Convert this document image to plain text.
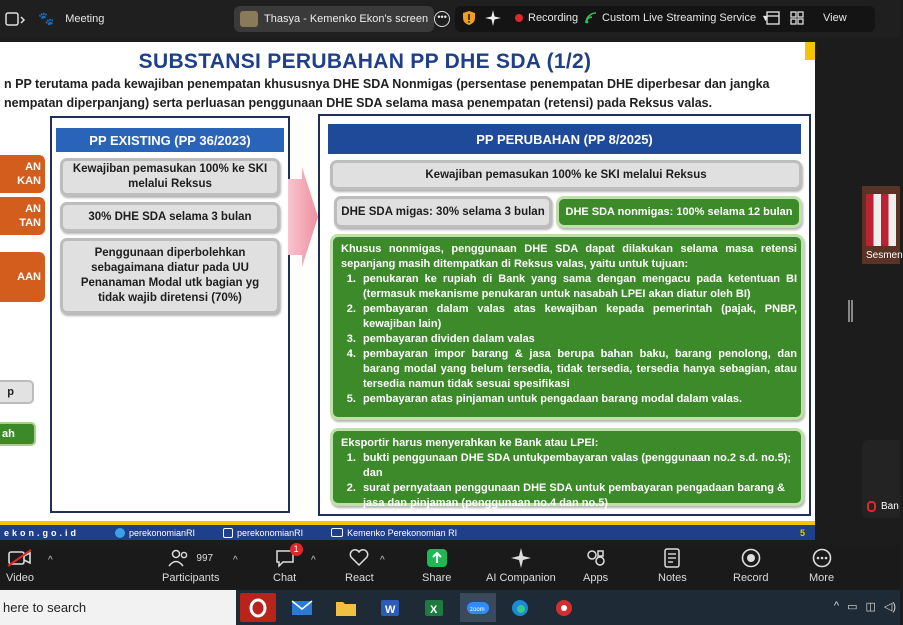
🐾 Meeting	Thasya - Kemenko Ekon's screen	•••	Recording Custom Live Streaming Service ▼	View
SUBSTANSI PERUBAHAN PP DHE SDA (1/2)
n PP terutama pada kewajiban penempatan khususnya DHE SDA Nonmigas (persentase penempatan DHE diperbesar dan jangka
nempatan diperpanjang) serta perluasan penggunaan DHE SDA selama masa penempatan (retensi) pada Reksus valas.
AN
KAN
AN
TAN
AAN
p
ah
PP EXISTING (PP 36/2023)
Kewajiban pemasukan 100% ke SKI melalui Reksus
30% DHE SDA selama 3 bulan
Penggunaan diperbolehkan sebagaimana diatur pada UU Penanaman Modal utk bagian yg tidak wajib diretensi (70%)
PP PERUBAHAN (PP 8/2025)
Kewajiban pemasukan 100% ke SKI melalui Reksus
DHE SDA migas: 30% selama 3 bulan DHE SDA nonmigas: 100% selama 12 bulan
Khusus nonmigas, penggunaan DHE SDA dapat dilakukan selama masa retensi sepanjang masih ditempatkan di Reksus valas, yaitu untuk tujuan:
1. penukaran ke rupiah di Bank yang sama dengan mengacu pada ketentuan BI (termasuk mekanisme penukaran untuk nasabah LPEI akan diatur oleh BI)
2. pembayaran dalam valas atas kewajiban kepada pemerintah (pajak, PNBP, kewajiban lain)
3. pembayaran dividen dalam valas
4. pembayaran impor barang & jasa berupa bahan baku, barang penolong, dan barang modal yang belum tersedia, tidak tersedia, tersedia hanya sebagian, atau tersedia namun tidak sesuai spesifikasi
5. pembayaran atas pinjaman untuk pengadaan barang modal dalam valas.
Eksportir harus menyerahkan ke Bank atau LPEI:
1. bukti penggunaan DHE SDA untukpembayaran valas (penggunaan no.2 s.d. no.5); dan
2. surat pernyataan penggunaan DHE SDA untuk pembayaran pengadaan barang & jasa dan pinjaman (penggunaan no.4 dan no.5)
ekon.go.id	perekonomianRI	perekonomianRI	Kemenko Perekonomian RI	5
Sesmen
Ban
Video
^	997
Participants
^
1
Chat
^
React
^
Share	AI Companion Apps	Notes	Record	More
here to search	W	X	zoom	^ ▭ ◫ ◁)
